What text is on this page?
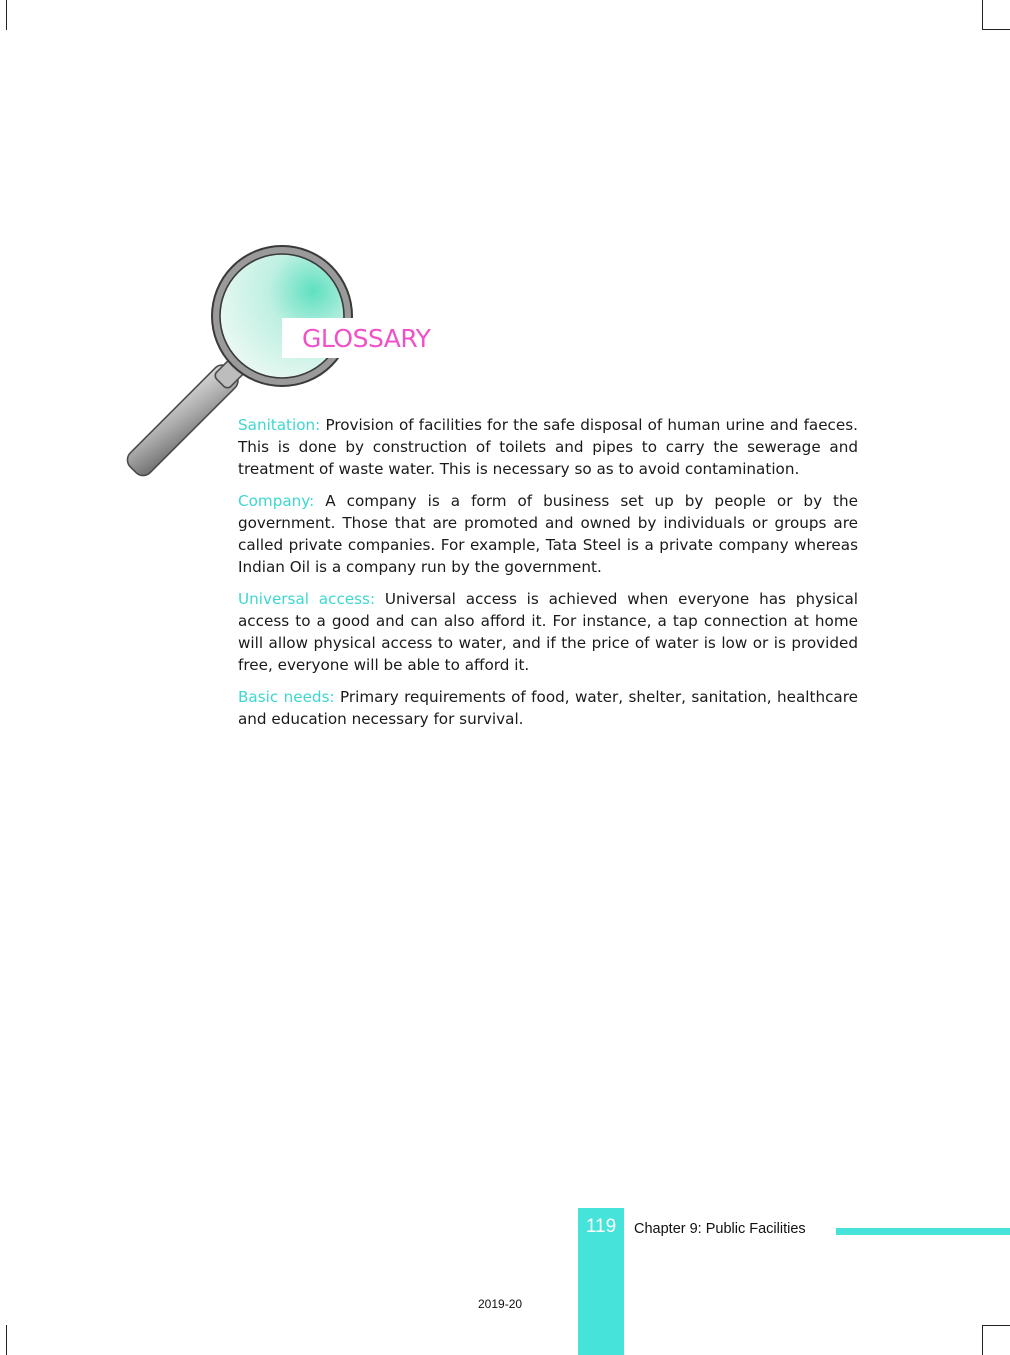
GLOSSARY

Sanitation: Provision of facilities for the safe disposal of human urine and faeces. This is done by construction of toilets and pipes to carry the sewerage and treatment of waste water. This is necessary so as to avoid contamination.

Company: A company is a form of business set up by people or by the government. Those that are promoted and owned by individuals or groups are called private companies. For example, Tata Steel is a private company whereas Indian Oil is a company run by the government.

Universal access: Universal access is achieved when everyone has physical access to a good and can also afford it. For instance, a tap connection at home will allow physical access to water, and if the price of water is low or is provided free, everyone will be able to afford it.

Basic needs: Primary requirements of food, water, shelter, sanitation, healthcare and education necessary for survival.

119	Chapter 9: Public Facilities
2019-20
